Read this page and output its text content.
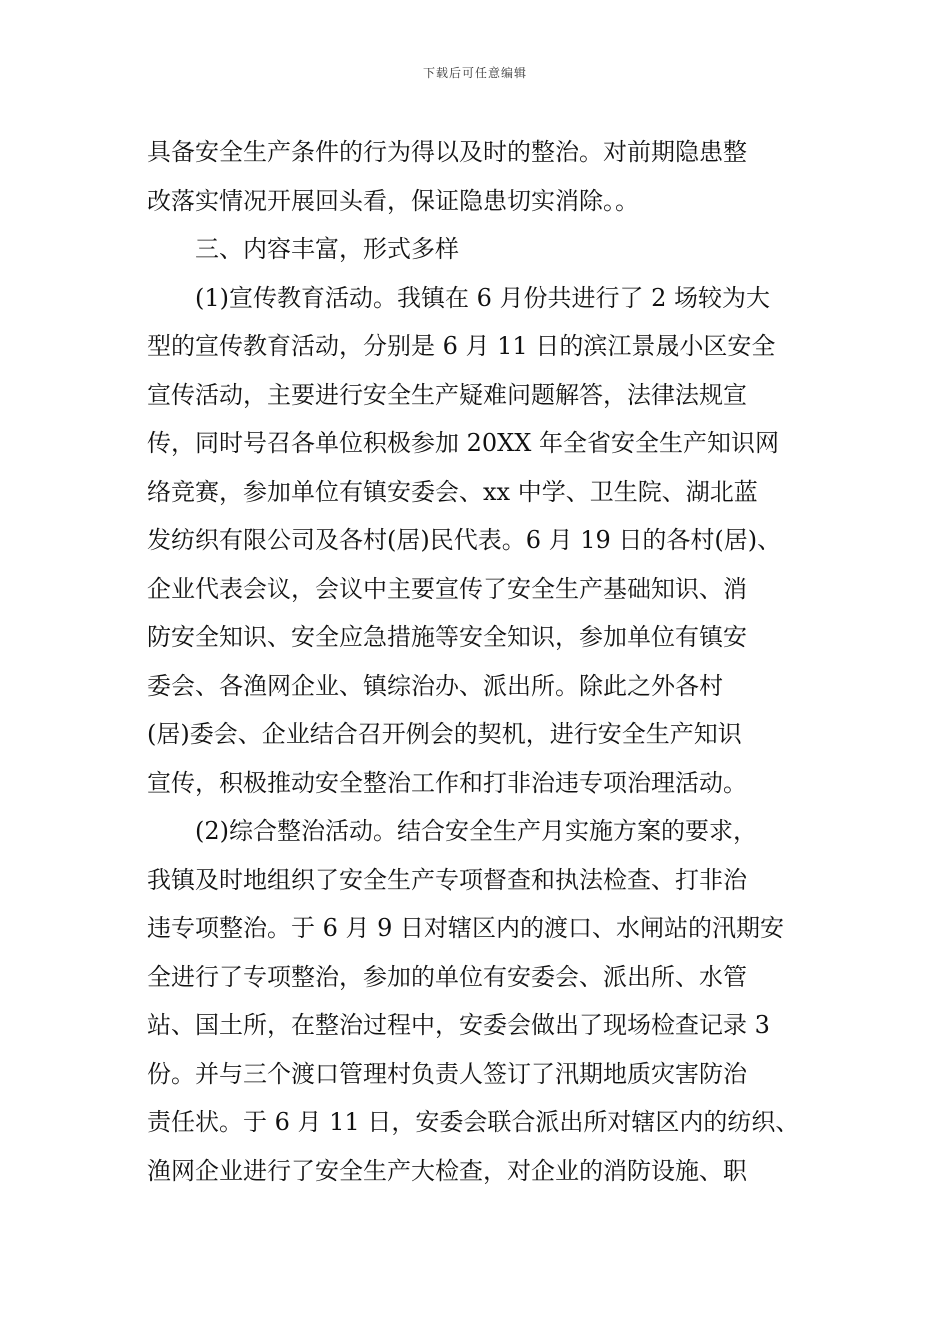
下载后可任意编辑
具备安全生产条件的行为得以及时的整治。对前期隐患整
改落实情况开展回头看，保证隐患切实消除。。
三、内容丰富，形式多样
(1)宣传教育活动。我镇在 6 月份共进行了 2 场较为大
型的宣传教育活动，分别是 6 月 11 日的滨江景晟小区安全
宣传活动，主要进行安全生产疑难问题解答，法律法规宣
传，同时号召各单位积极参加 20XX 年全省安全生产知识网
络竞赛，参加单位有镇安委会、xx 中学、卫生院、湖北蓝
发纺织有限公司及各村(居)民代表。6 月 19 日的各村(居)、
企业代表会议，会议中主要宣传了安全生产基础知识、消
防安全知识、安全应急措施等安全知识，参加单位有镇安
委会、各渔网企业、镇综治办、派出所。除此之外各村
(居)委会、企业结合召开例会的契机，进行安全生产知识
宣传，积极推动安全整治工作和打非治违专项治理活动。
(2)综合整治活动。结合安全生产月实施方案的要求，
我镇及时地组织了安全生产专项督查和执法检查、打非治
违专项整治。于 6 月 9 日对辖区内的渡口、水闸站的汛期安
全进行了专项整治，参加的单位有安委会、派出所、水管
站、国土所，在整治过程中，安委会做出了现场检查记录 3
份。并与三个渡口管理村负责人签订了汛期地质灾害防治
责任状。于 6 月 11 日，安委会联合派出所对辖区内的纺织、
渔网企业进行了安全生产大检查，对企业的消防设施、职
